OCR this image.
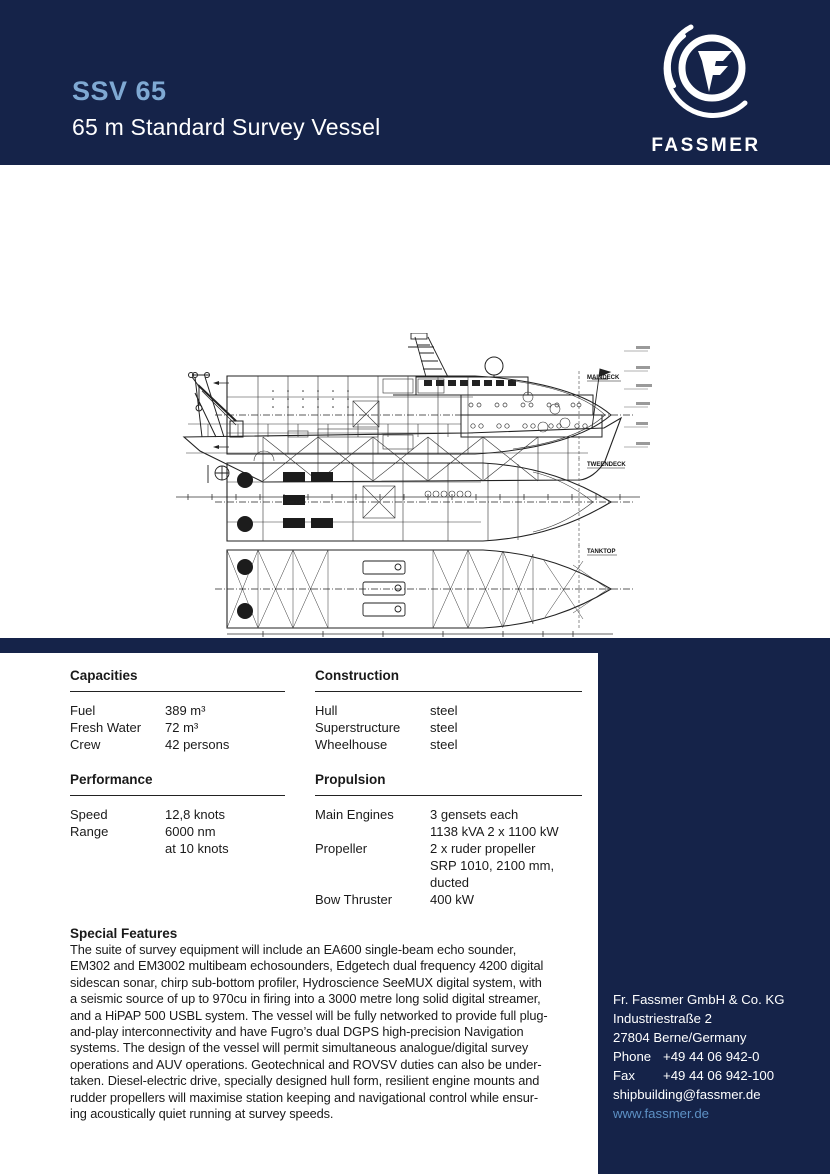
SSV 65
65 m Standard Survey Vessel
FASSMER
MAINDECK
TWEENDECK
TANKTOP
Capacities
Fuel	389 m³
Fresh Water	72 m³
Crew	42 persons
Performance
Speed	12,8 knots
Range	6000 nm
at 10 knots
Construction
Hull	steel
Superstructure	steel
Wheelhouse	steel
Propulsion
Main Engines	3 gensets each
1138 kVA 2 x 1100 kW
Propeller	2 x ruder propeller
SRP 1010, 2100 mm,
ducted
Bow Thruster	400 kW
Special Features
The suite of survey equipment will include an EA600 single-beam echo sounder,
EM302 and EM3002 multibeam echosounders, Edgetech dual frequency 4200 digital
sidescan sonar, chirp sub-bottom profiler, Hydroscience SeeMUX digital system, with
a seismic source of up to 970cu in firing into a 3000 metre long solid digital streamer,
and a HiPAP 500 USBL system. The vessel will be fully networked to provide full plug-
and-play interconnectivity and have Fugro’s dual DGPS high-precision Navigation
systems. The design of the vessel will permit simultaneous analogue/digital survey
operations and AUV operations. Geotechnical and ROVSV duties can also be under-
taken. Diesel-electric drive, specially designed hull form, resilient engine mounts and
rudder propellers will maximise station keeping and navigational control while ensur-
ing acoustically quiet running at survey speeds.
Fr. Fassmer GmbH & Co. KG
Industriestraße 2
27804 Berne/Germany
Phone +49 44 06 942-0
Fax	+49 44 06 942-100
shipbuilding@fassmer.de
www.fassmer.de
